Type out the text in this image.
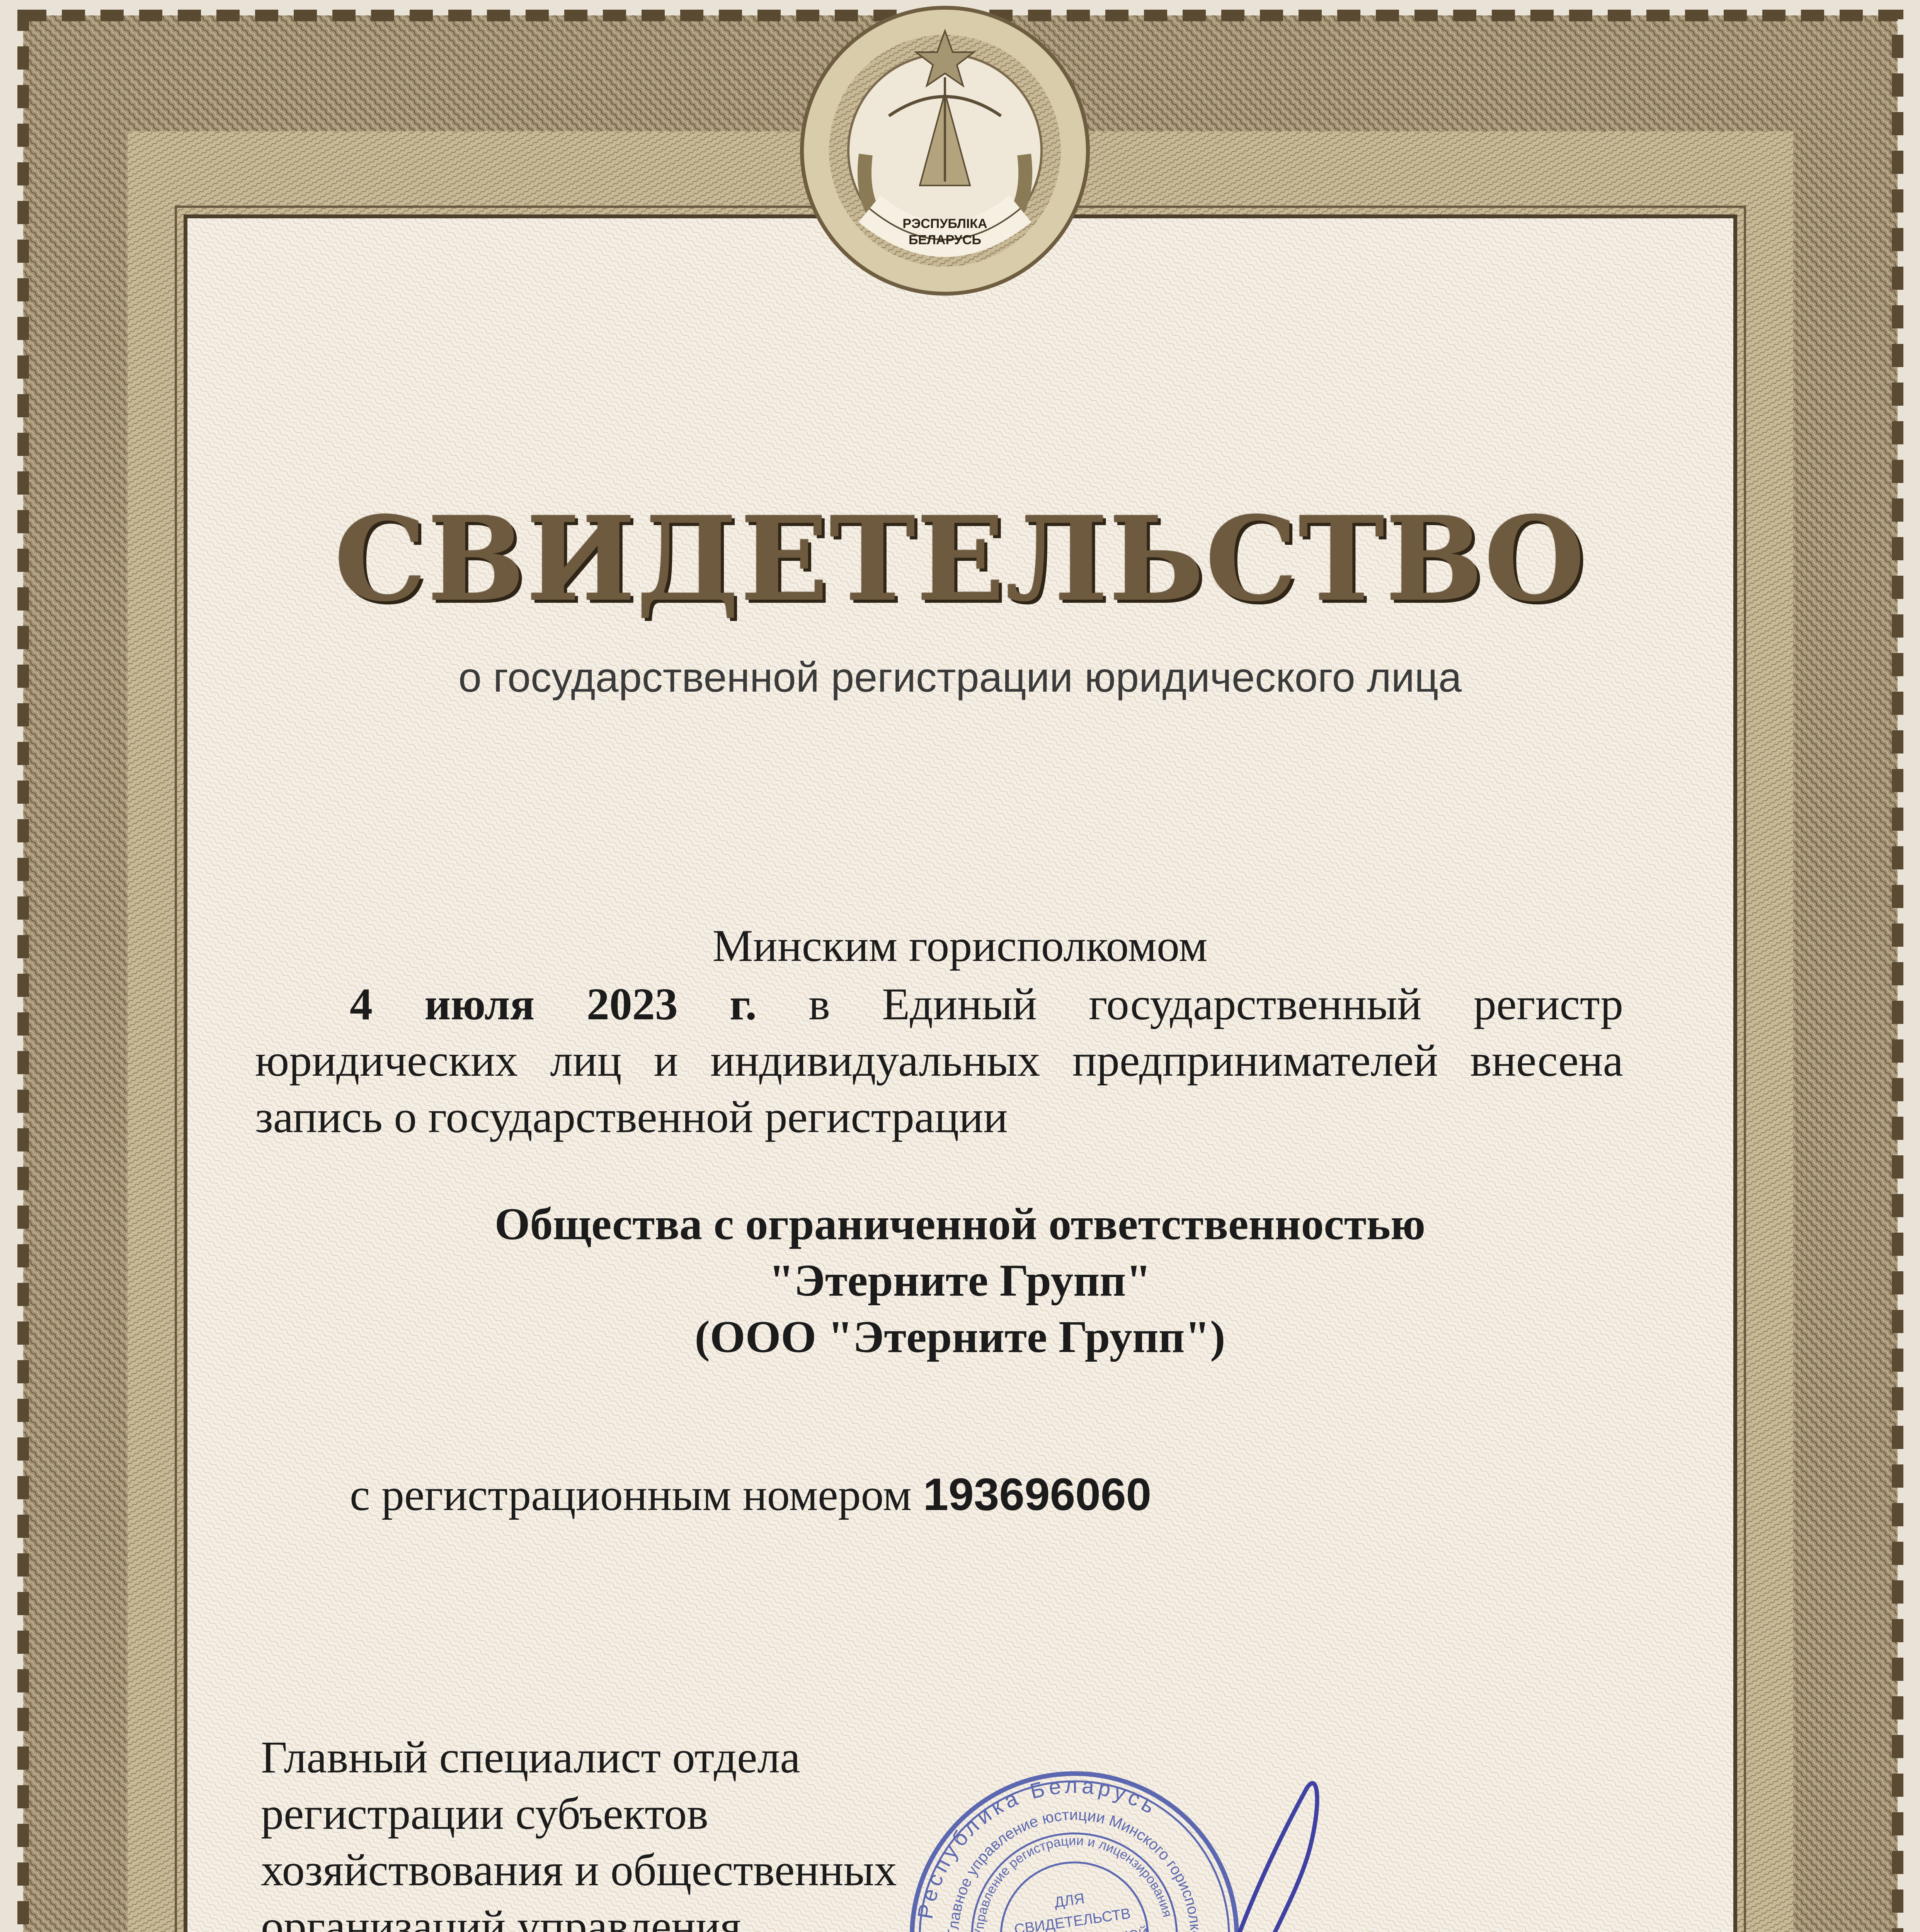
РЭСПУБЛІКА
БЕЛАРУСЬ
СВИДЕТЕЛЬСТВО
о государственной регистрации юридического лица
Минским горисполкомом
4 июля 2023 г. в Единый государственный регистр
юридических лиц и индивидуальных предпринимателей внесена
запись о государственной регистрации
Общества с ограниченной ответственностью
"Этерните Групп"
(ООО "Этерните Групп")
с регистрационным номером 193696060
Главный специалист отдела
регистрации субъектов
хозяйствования и общественных
организаций управления	Республика Беларусь
Главное управление юстиции Минского горисполкома
Управление регистрации и лицензирования
ДЛЯ
СВИДЕТЕЛЬСТВ
